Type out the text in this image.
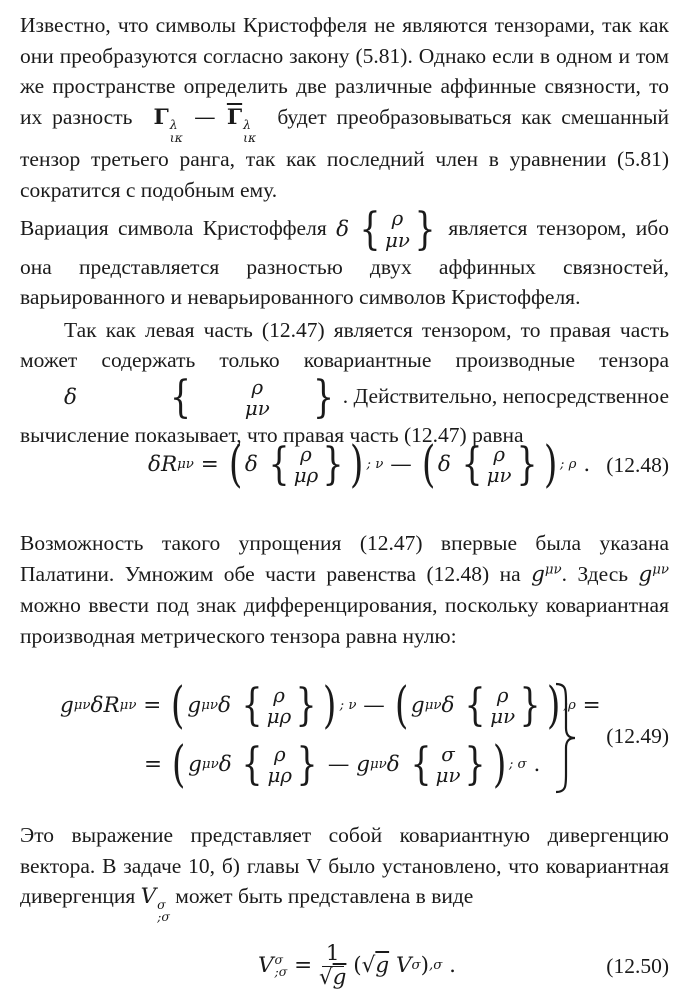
Известно, что символы Кристоффеля не являются тензорами, так как они преобразуются согласно закону (5.81). Однако если в одном и том же пространстве определить две различные аффинные связности, то их разность Γ λ
ικ
— $\overline{\Gamma}$ λ
ικ
будет преобразовываться как смешанный тензор третьего ранга, так как последний член в уравнении (5.81) сократится с подобным ему.

Вариация символа Кристоффеля δ
{ ρ
μν } является тензором, ибо она представляется разностью двух аффинных связностей, варьированного и неварьированного символов Кристоффеля.

Так как левая часть (12.47) является тензором, то правая часть может содержать только ковариантные производные тензора
δ
	{	ρ
μν } . Действительно, непосредственное вычисление показывает, что правая часть (12.47) равна

δR μν = ( δ
{ ρ
μρ } ) ; ν — ( δ
{ ρ
μν } ) ; ρ . (12.48)

Возможность такого упрощения (12.47) впервые была указана Палатини. Умножим обе части равенства (12.48) на $g^{\mu\nu}$. Здесь $g^{\mu\nu}$ можно ввести под знак дифференцирования, поскольку ковариантная производная метрического тензора равна нулю:

g μν δR μν = ( g μν δ
{ ρ
μρ } ) ; ν — ( g μν δ
{ ρ
μν } ) ;ρ =
= ( g μν δ
{ ρ
μρ } — g μν δ
{ σ
μν } ) ; σ .
(12.49)

Это выражение представляет собой ковариантную дивергенцию вектора. В задаче 10, б) главы V было установлено, что ковариантная дивергенция V σ
;σ
может быть представлена в виде

V σ
;σ = 1
√g (√ g
V σ ) ,σ .	(12.50)
